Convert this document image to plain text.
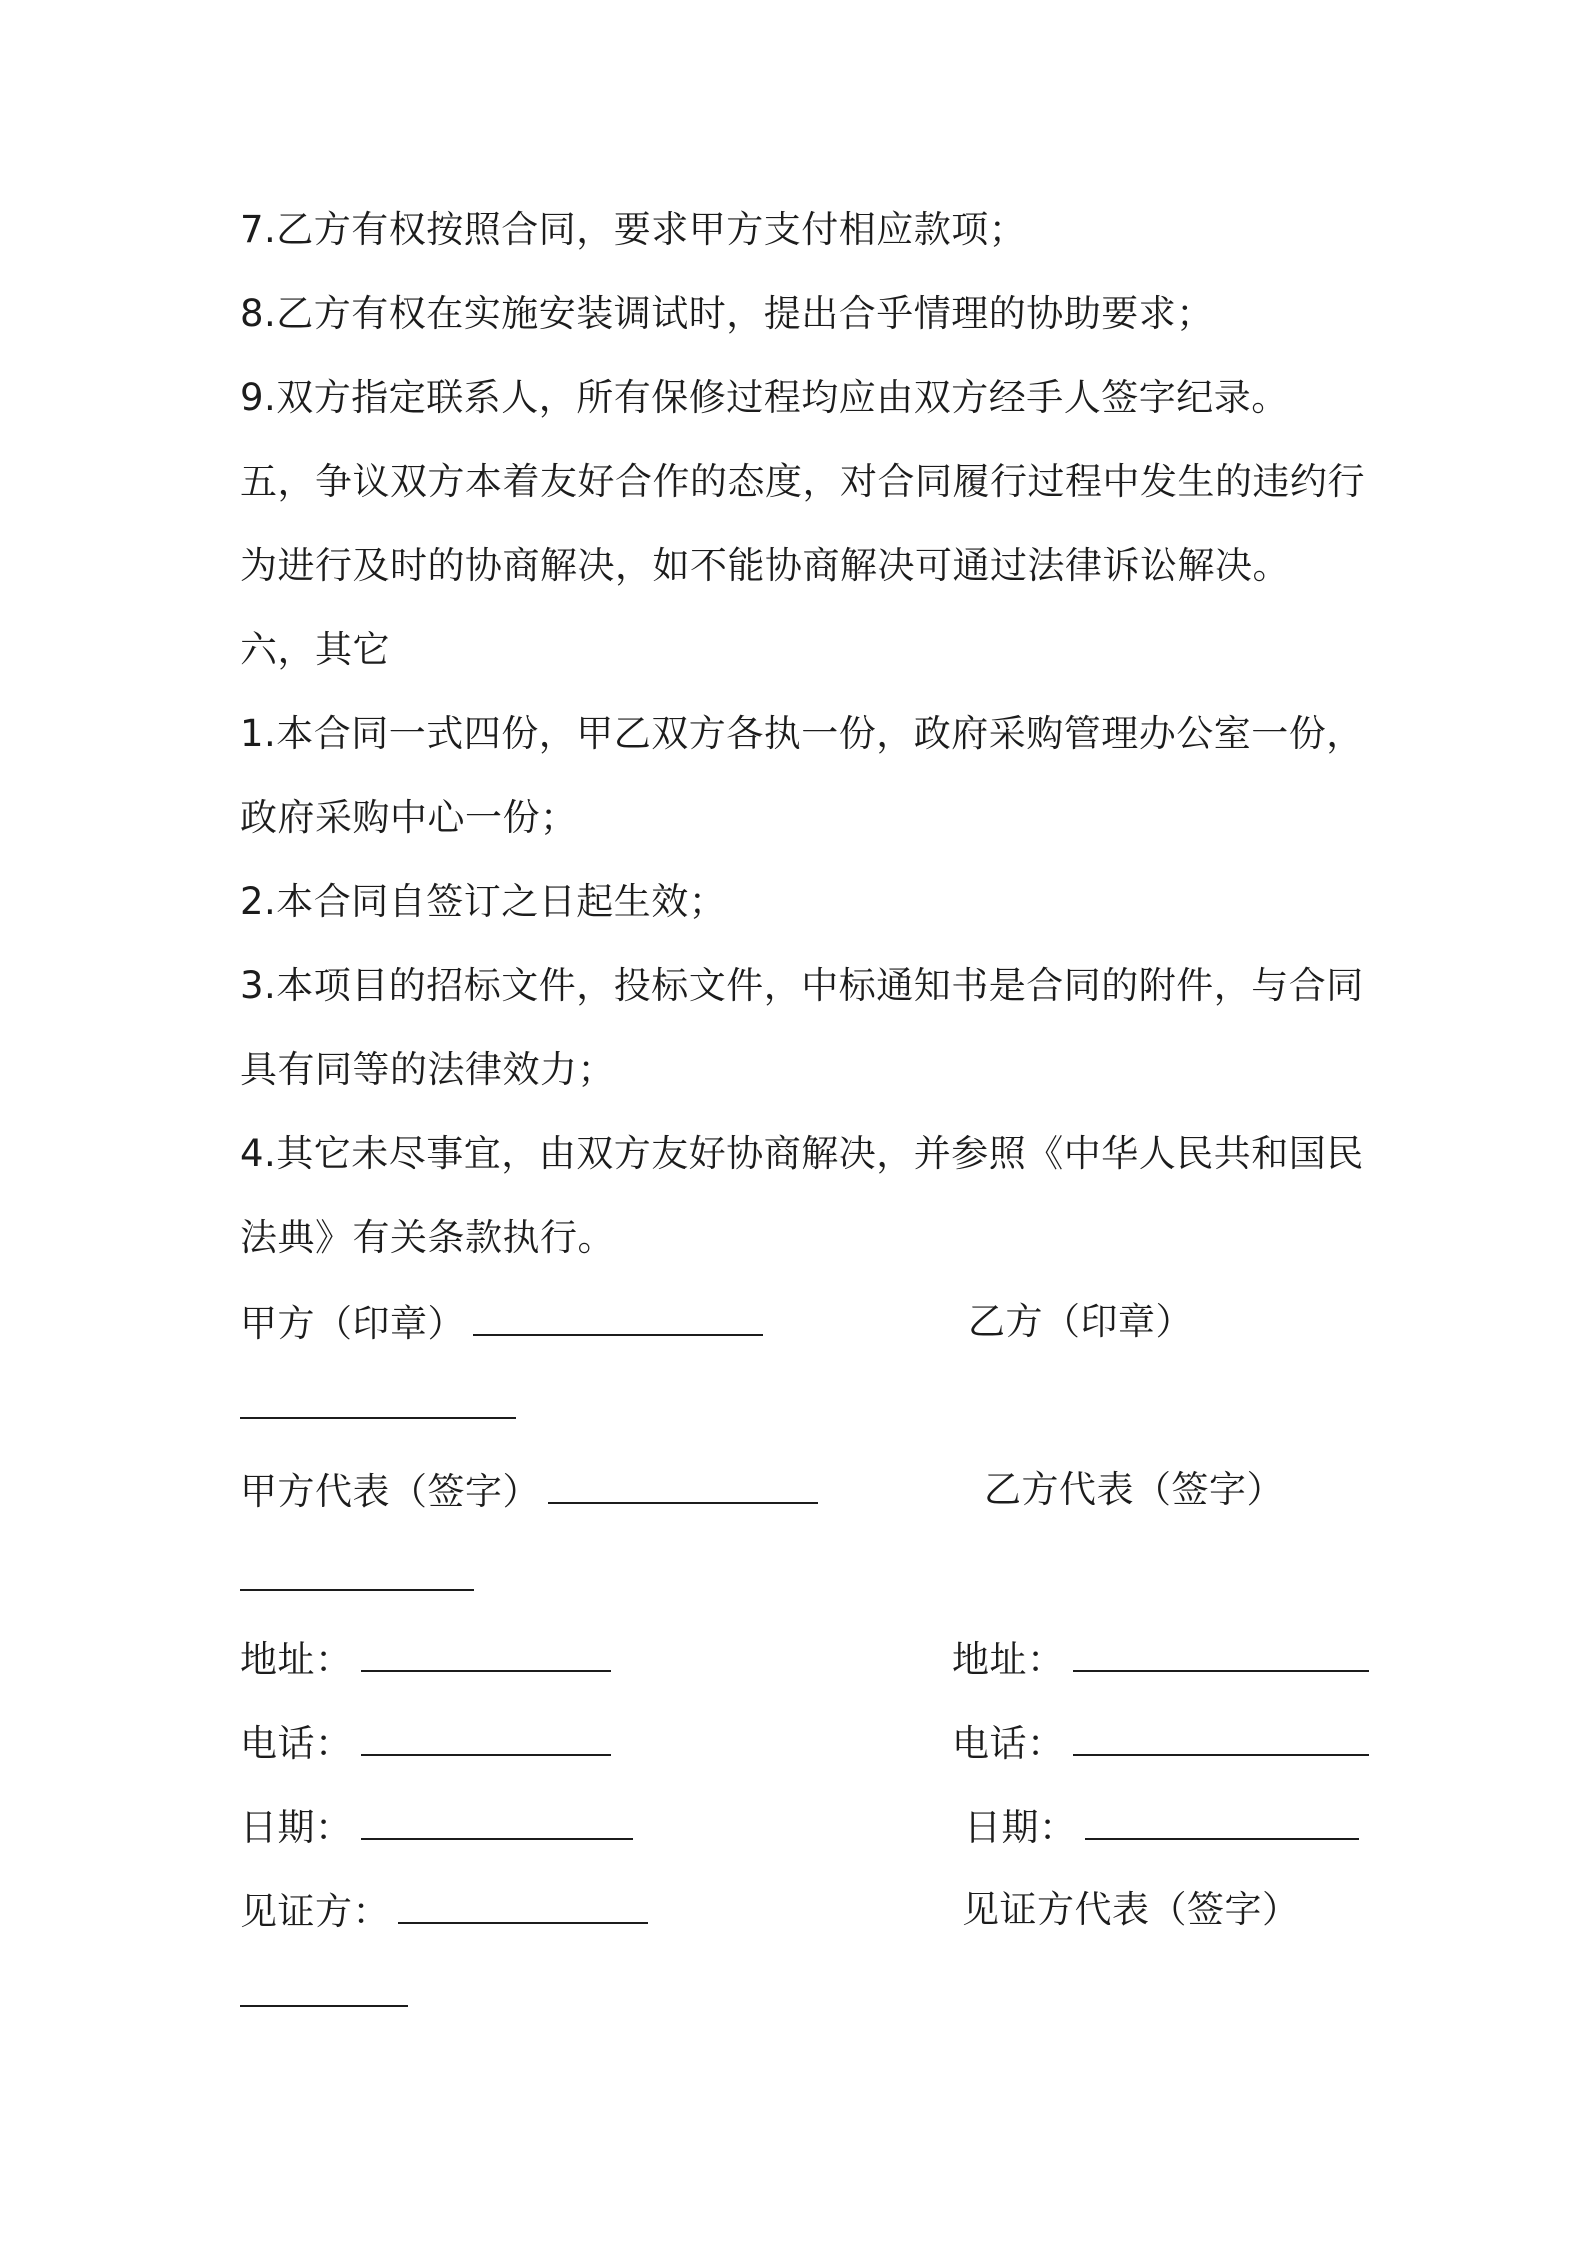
7.乙方有权按照合同，要求甲方支付相应款项；
8.乙方有权在实施安装调试时，提出合乎情理的协助要求；
9.双方指定联系人，所有保修过程均应由双方经手人签字纪录。
五，争议双方本着友好合作的态度，对合同履行过程中发生的违约行
为进行及时的协商解决，如不能协商解决可通过法律诉讼解决。
六，其它
1.本合同一式四份，甲乙双方各执一份，政府采购管理办公室一份，
政府采购中心一份；
2.本合同自签订之日起生效；
3.本项目的招标文件，投标文件，中标通知书是合同的附件，与合同
具有同等的法律效力；
4.其它未尽事宜，由双方友好协商解决，并参照《中华人民共和国民
法典》有关条款执行。
甲方（印章）	乙方（印章）
甲方代表（签字）	乙方代表（签字）
地址：	地址：
电话：	电话：
日期：	日期：
见证方：	见证方代表（签字）
